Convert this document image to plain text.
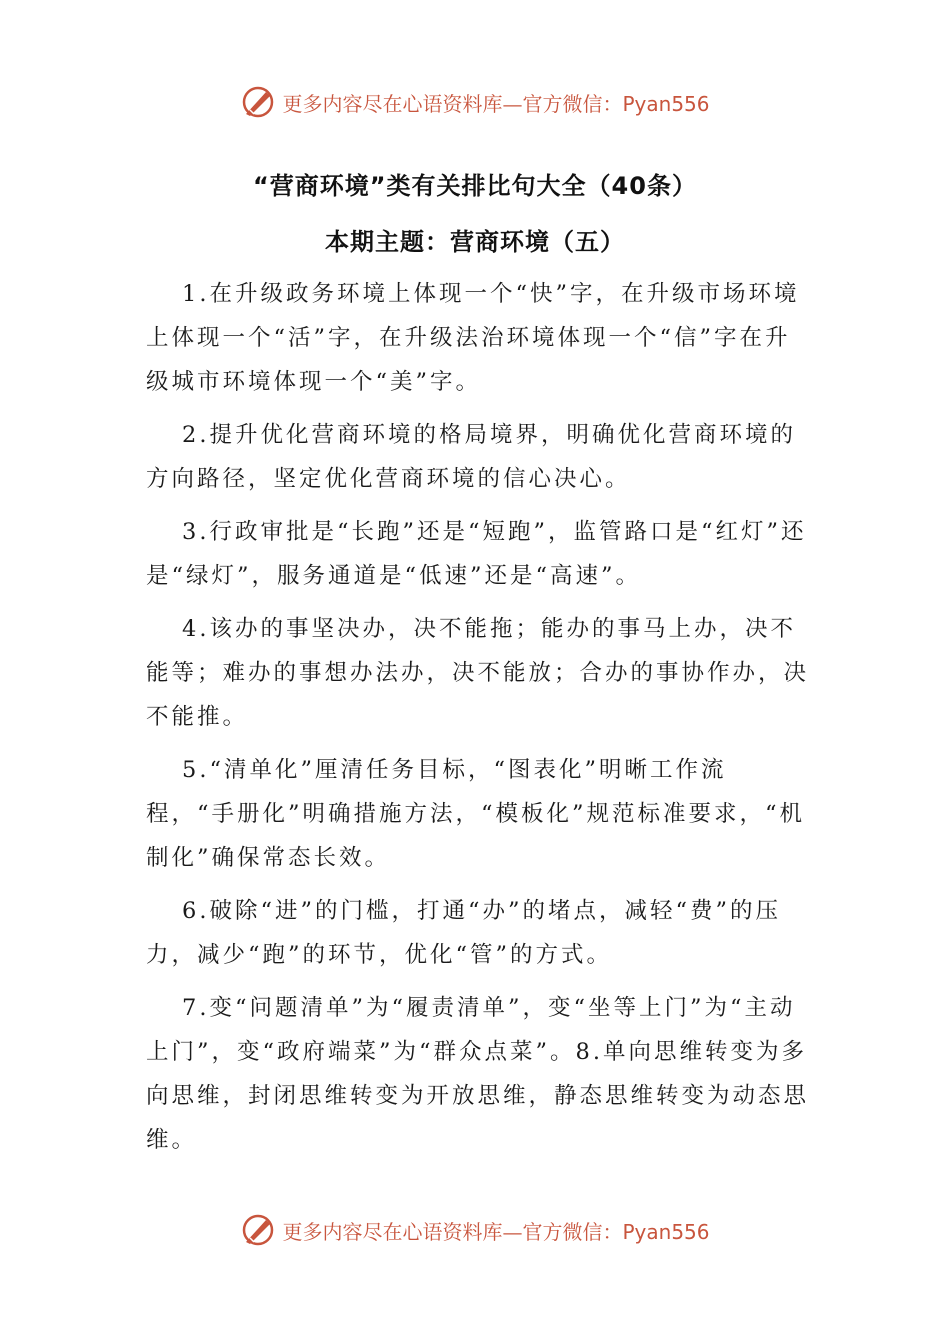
更多内容尽在心语资料库—官方微信：Pyan556
“营商环境”类有关排比句大全（40条）
本期主题：营商环境（五）

1.在升级政务环境上体现一个“快”字，在升级市场环境上体现一个“活”字，在升级法治环境体现一个“信”字在升级城市环境体现一个“美”字。

2.提升优化营商环境的格局境界，明确优化营商环境的方向路径，坚定优化营商环境的信心决心。

3.行政审批是“长跑”还是“短跑”，监管路口是“红灯”还是“绿灯”，服务通道是“低速”还是“高速”。

4.该办的事坚决办，决不能拖；能办的事马上办，决不能等；难办的事想办法办，决不能放；合办的事协作办，决不能推。

5.“清单化”厘清任务目标，“图表化”明晰工作流程，“手册化”明确措施方法，“模板化”规范标准要求，“机制化”确保常态长效。

6.破除“进”的门槛，打通“办”的堵点，减轻“费”的压力，减少“跑”的环节，优化“管”的方式。

7.变“问题清单”为“履责清单”，变“坐等上门”为“主动上门”，变“政府端菜”为“群众点菜”。8.单向思维转变为多向思维，封闭思维转变为开放思维，静态思维转变为动态思维。

更多内容尽在心语资料库—官方微信：Pyan556
